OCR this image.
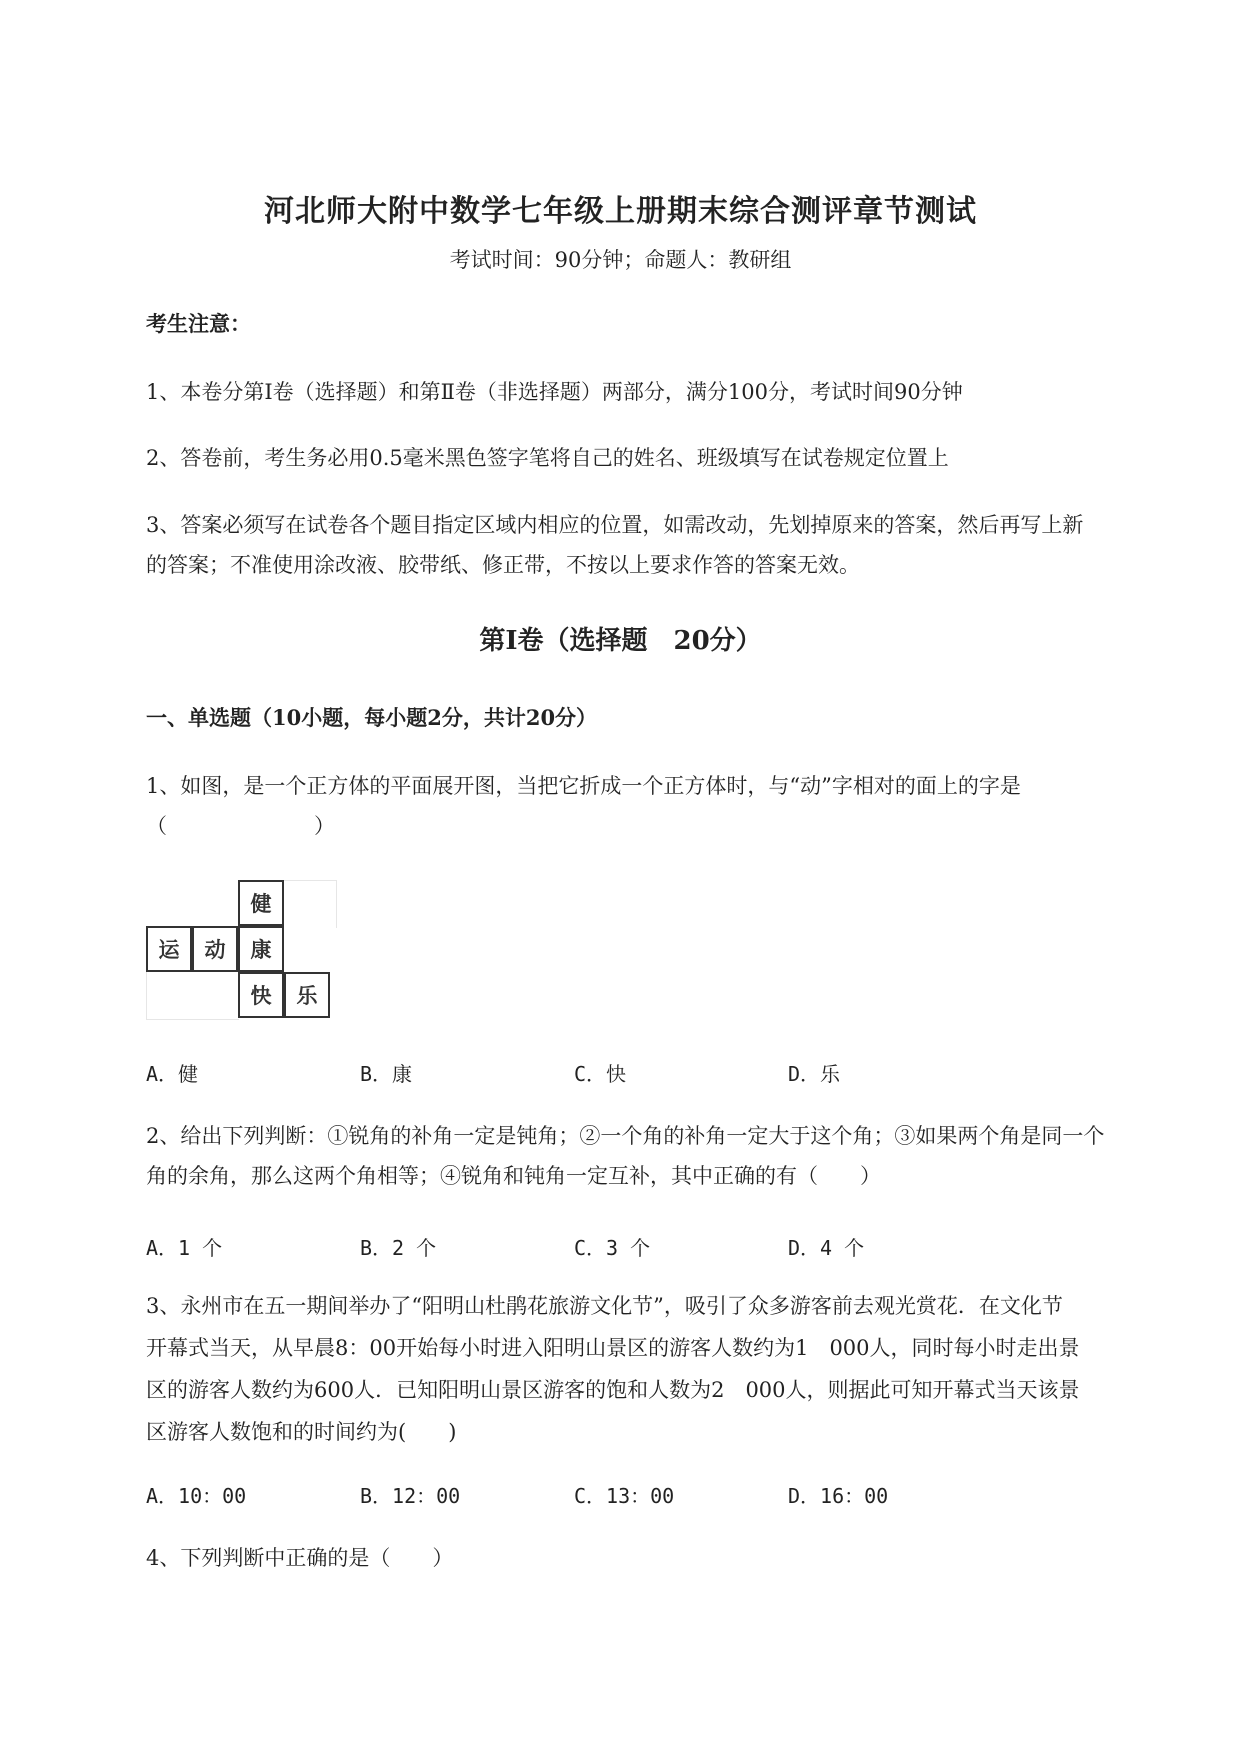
河北师大附中数学七年级上册期末综合测评章节测试
考试时间：90分钟；命题人：教研组
考生注意：
1、本卷分第Ⅰ卷（选择题）和第Ⅱ卷（非选择题）两部分，满分100分，考试时间90分钟
2、答卷前，考生务必用0.5毫米黑色签字笔将自己的姓名、班级填写在试卷规定位置上
3、答案必须写在试卷各个题目指定区域内相应的位置，如需改动，先划掉原来的答案，然后再写上新
的答案；不准使用涂改液、胶带纸、修正带，不按以上要求作答的答案无效。
第Ⅰ卷（选择题　20分）
一、单选题（10小题，每小题2分，共计20分）
1、如图，是一个正方体的平面展开图，当把它折成一个正方体时，与“动”字相对的面上的字是
（　　　　　　　）
健
运	动	康
快	乐
A．健	B．康	C．快	D．乐
2、给出下列判断：①锐角的补角一定是钝角；②一个角的补角一定大于这个角；③如果两个角是同一个
角的余角，那么这两个角相等；④锐角和钝角一定互补，其中正确的有（　　）
A．1 个	B．2 个	C．3 个	D．4 个
3、永州市在五一期间举办了“阳明山杜鹃花旅游文化节”，吸引了众多游客前去观光赏花．在文化节
开幕式当天，从早晨8：00开始每小时进入阳明山景区的游客人数约为1　000人，同时每小时走出景
区的游客人数约为600人．已知阳明山景区游客的饱和人数为2　000人，则据此可知开幕式当天该景
区游客人数饱和的时间约为(　　)
A．10：00	B．12：00	C．13：00	D．16：00
4、下列判断中正确的是（　　）
